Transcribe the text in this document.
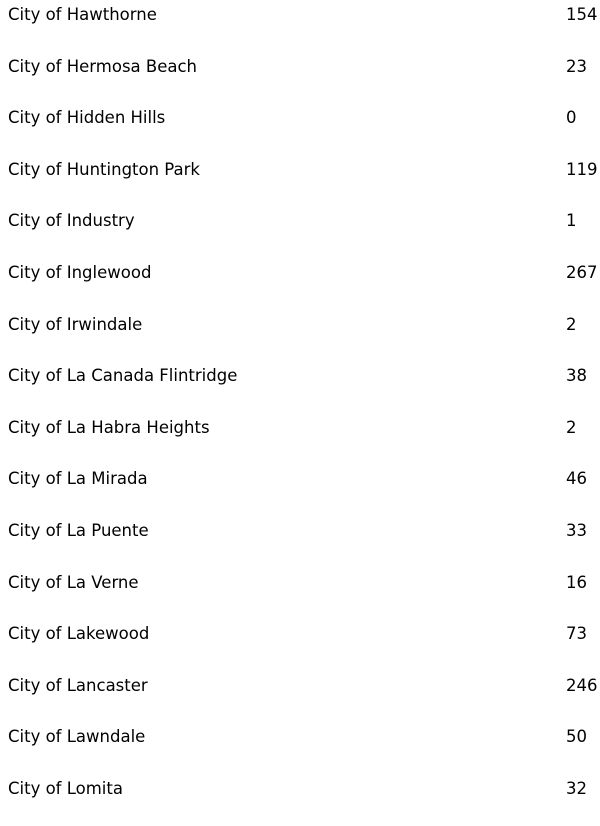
City of Hawthorne	154
City of Hermosa Beach	23
City of Hidden Hills	0
City of Huntington Park	119
City of Industry	1
City of Inglewood	267
City of Irwindale	2
City of La Canada Flintridge	38
City of La Habra Heights	2
City of La Mirada	46
City of La Puente	33
City of La Verne	16
City of Lakewood	73
City of Lancaster	246
City of Lawndale	50
City of Lomita	32
